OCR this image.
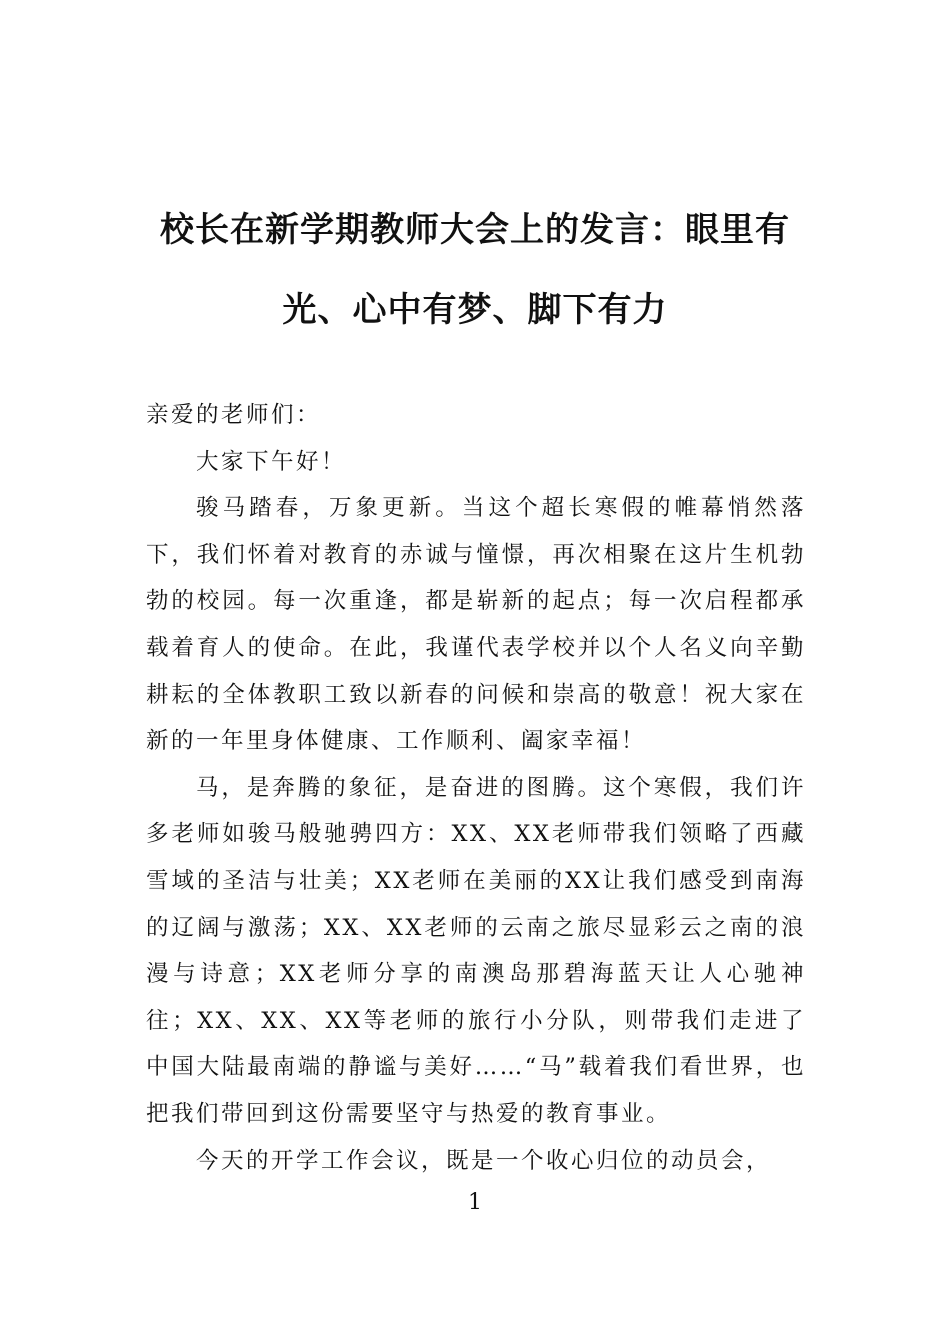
校长在新学期教师大会上的发言：眼里有光、心中有梦、脚下有力

亲爱的老师们：

大家下午好！

骏马踏春，万象更新。当这个超长寒假的帷幕悄然落下，我们怀着对教育的赤诚与憧憬，再次相聚在这片生机勃勃的校园。每一次重逢，都是崭新的起点；每一次启程都承载着育人的使命。在此，我谨代表学校并以个人名义向辛勤耕耘的全体教职工致以新春的问候和崇高的敬意！祝大家在新的一年里身体健康、工作顺利、阖家幸福！

马，是奔腾的象征，是奋进的图腾。这个寒假，我们许多老师如骏马般驰骋四方：XX、XX老师带我们领略了西藏雪域的圣洁与壮美；XX老师在美丽的XX让我们感受到南海的辽阔与激荡；XX、XX老师的云南之旅尽显彩云之南的浪漫与诗意；XX老师分享的南澳岛那碧海蓝天让人心驰神往；XX、XX、XX等老师的旅行小分队，则带我们走进了中国大陆最南端的静谧与美好……“马”载着我们看世界，也把我们带回到这份需要坚守与热爱的教育事业。

今天的开学工作会议，既是一个收心归位的动员会，

1
